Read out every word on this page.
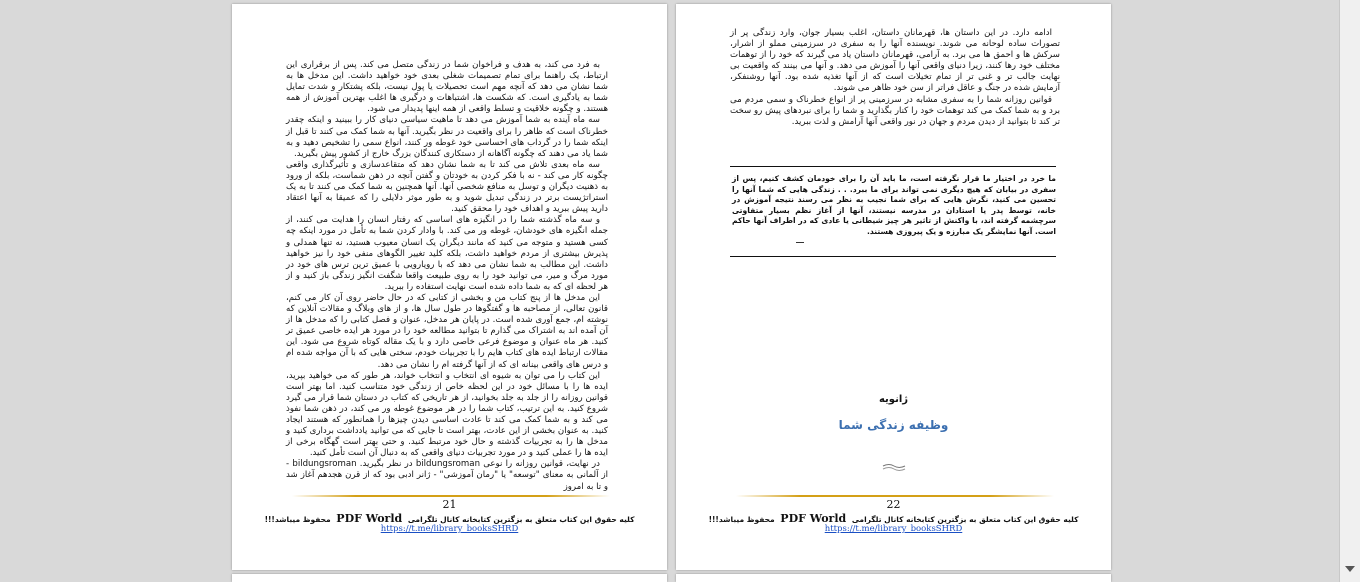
به فرد می کند، به هدف و فراخوان شما در زندگی متصل می کند. پس از برقراری این ارتباط، یک راهنما برای تمام تصمیمات شغلی بعدی خود خواهید داشت. این مدخل ها به شما نشان می دهد که آنچه مهم است تحصیلات یا پول نیست، بلکه پشتکار و شدت تمایل شما به یادگیری است. که شکست ها، اشتباهات و درگیری ها اغلب بهترین آموزش از همه هستند. و چگونه خلاقیت و تسلط واقعی از همه اینها پدیدار می شود.

سه ماه آینده به شما آموزش می دهد تا ماهیت سیاسی دنیای کار را ببینید و اینکه چقدر خطرناک است که ظاهر را برای واقعیت در نظر بگیرید. آنها به شما کمک می کنند تا قبل از اینکه شما را در گرداب های احساسی خود غوطه ور کنند، انواع سمی را تشخیص دهید و به شما یاد می دهند که چگونه آگاهانه از دستکاری کنندگان بزرگ خارج از کشور پیش بگیرید.

سه ماه بعدی تلاش می کند تا به شما نشان دهد که متقاعدسازی و تأثیرگذاری واقعی چگونه کار می کند - نه با فکر کردن به خودتان و گفتن آنچه در ذهن شماست، بلکه از ورود به ذهنیت دیگران و توسل به منافع شخصی آنها. آنها همچنین به شما کمک می کنند تا به یک استراتژیست برتر در زندگی تبدیل شوید و به طور موثر دلایلی را که عمیقا به آنها اعتقاد دارید پیش ببرید و اهداف خود را محقق کنید.

و سه ماه گذشته شما را در انگیزه های اساسی که رفتار انسان را هدایت می کنند، از جمله انگیزه های خودشان، غوطه ور می کند. با وادار کردن شما به تأمل در مورد اینکه چه کسی هستید و متوجه می کنید که مانند دیگران یک انسان معیوب هستید، نه تنها همدلی و پذیرش بیشتری از مردم خواهید داشت، بلکه کلید تغییر الگوهای منفی خود را نیز خواهید داشت. این مطالب به شما نشان می دهد که با رویارویی با عمیق ترین ترس های خود در مورد مرگ و میر، می توانید خود را به روی طبیعت واقعا شگفت انگیز زندگی باز کنید و از هر لحظه ای که به شما داده شده است نهایت استفاده را ببرید.

این مدخل ها از پنج کتاب من و بخشی از کتابی که در حال حاضر روی آن کار می کنم، قانون تعالی، از مصاحبه ها و گفتگوها در طول سال ها، و از های وبلاگ و مقالات آنلاین که نوشته ام، جمع آوری شده است. در پایان هر مدخل، عنوان و فصل کتابی را که مدخل ها از آن آمده اند به اشتراک می گذارم تا بتوانید مطالعه خود را در مورد هر ایده خاصی عمیق تر کنید. هر ماه عنوان و موضوع فرعی خاصی دارد و با یک مقاله کوتاه شروع می شود. این مقالات ارتباط ایده های کتاب هایم را با تجربیات خودم، سختی هایی که با آن مواجه شده ام و درس های واقعی بینانه ای که از آنها گرفته ام را نشان می دهد.

این کتاب را می توان به شیوه ای انتخاب و انتخاب خواند، هر طور که می خواهید بپرید، ایده ها را با مسائل خود در این لحظه خاص از زندگی خود متناسب کنید. اما بهتر است قوانین روزانه را از جلد به جلد بخوانید، از هر تاریخی که کتاب در دستان شما قرار می گیرد شروع کنید. به این ترتیب، کتاب شما را در هر موضوع غوطه ور می کند، در ذهن شما نفوذ می کند و به شما کمک می کند تا عادت اساسی دیدن چیزها را همانطور که هستند ایجاد کنید. به عنوان بخشی از این عادت، بهتر است تا جایی که می توانید یادداشت برداری کنید و مدخل ها را به تجربیات گذشته و حال خود مرتبط کنید. و حتی بهتر است گهگاه برخی از ایده ها را عملی کنید و در مورد تجربیات دنیای واقعی که به دنبال آن است تأمل کنید.

در نهایت، قوانین روزانه را نوعی bildungsroman در نظر بگیرید. bildungsroman - از آلمانی به معنای "توسعه" یا "رمان آموزشی" - ژانر ادبی بود که از قرن هجدهم آغاز شد و تا به امروز

21
کلیه حقوق این کتاب متعلق به بزگترین کتابخانه کانال تلگرامی PDF World محفوظ میباشد!!!
https://t.me/library_booksSHRD

ادامه دارد. در این داستان ها، قهرمانان داستان، اغلب بسیار جوان، وارد زندگی پر از تصورات ساده لوحانه می شوند. نویسنده آنها را به سفری در سرزمینی مملو از اشرار، سرکش ها و احمق ها می برد. به آرامی، قهرمانان داستان یاد می گیرند که خود را از توهمات مختلف خود رها کنند، زیرا دنیای واقعی آنها را آموزش می دهد. و آنها می بینند که واقعیت بی نهایت جالب تر و غنی تر از تمام تخیلات است که از آنها تغذیه شده بود. آنها روشنفکر، آزمایش شده در جنگ و عاقل فراتر از سن خود ظاهر می شوند.

قوانین روزانه شما را به سفری مشابه در سرزمینی پر از انواع خطرناک و سمی مردم می برد و به شما کمک می کند توهمات خود را کنار بگذارید و شما را برای نبردهای پیش رو سخت تر کند تا بتوانید از دیدن مردم و جهان در نور واقعی آنها آرامش و لذت ببرید.

ما خرد در اختیار ما قرار نگرفته است، ما باید آن را برای خودمان کشف کنیم، پس از سفری در بیابان که هیچ دیگری نمی تواند برای ما ببرد. . . زندگی هایی که شما آنها را تحسین می کنید، نگرش هایی که برای شما نجیب به نظر می رسند نتیجه آموزش در خانه، توسط پدر یا استادان در مدرسه نیستند، آنها از آغاز نظم بسیار متفاوتی سرچشمه گرفته اند، با واکنش از تاثیر هر چیز شیطانی یا عادی که در اطراف آنها حاکم است. آنها نمایشگر یک مبارزه و یک پیروزی هستند.
ژانویه
وظیفه زندگی شما
22
کلیه حقوق این کتاب متعلق به بزگترین کتابخانه کانال تلگرامی PDF World محفوظ میباشد!!!
https://t.me/library_booksSHRD
